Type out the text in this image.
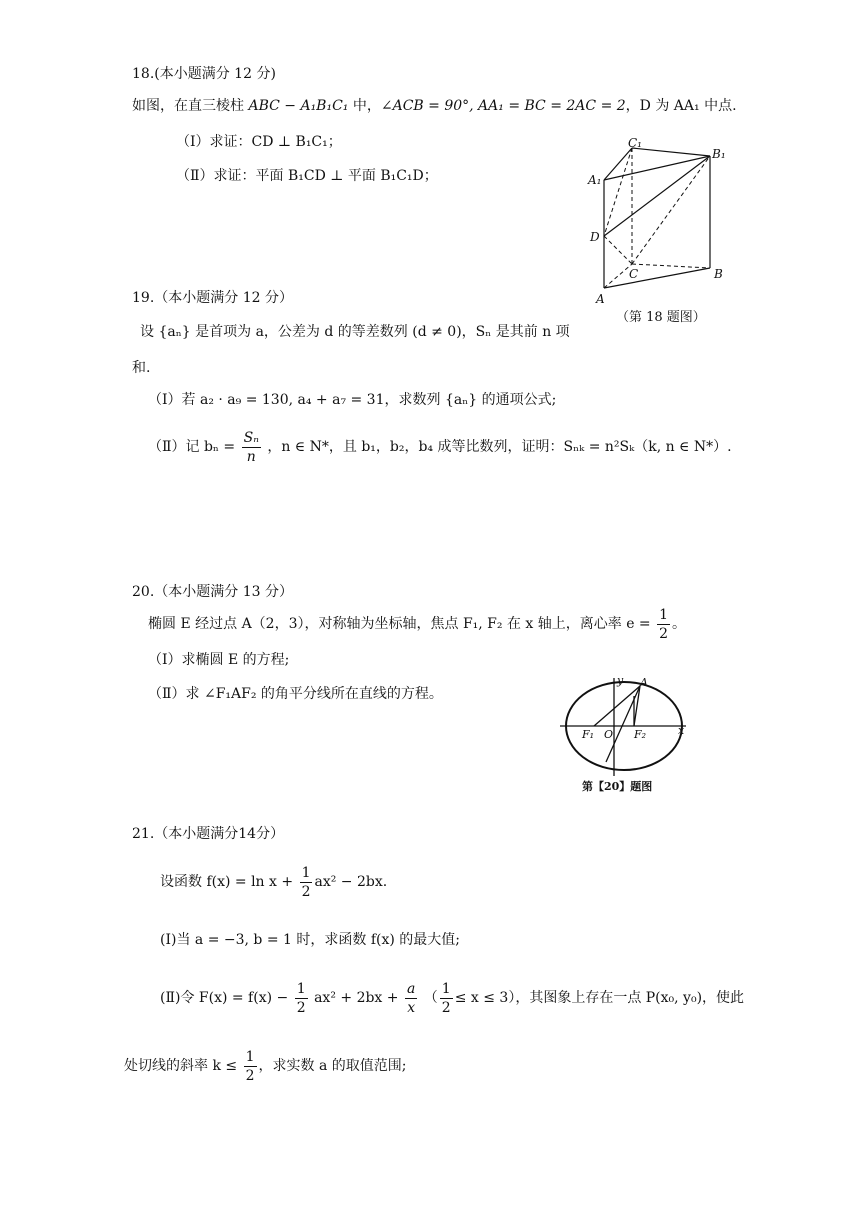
18.(本小题满分 12 分)
如图，在直三棱柱 ABC − A₁B₁C₁ 中，∠ACB = 90°, AA₁ = BC = 2AC = 2，D 为 AA₁ 中点.
（Ⅰ）求证：CD ⊥ B₁C₁；
（Ⅱ）求证：平面 B₁CD ⊥ 平面 B₁C₁D；
C₁
B₁
A₁
D
C	B
A
（第 18 题图）
19.（本小题满分 12 分）
设 {aₙ} 是首项为 a，公差为 d 的等差数列 (d ≠ 0)，Sₙ 是其前 n 项
和.
（Ⅰ）若 a₂ · a₉ = 130, a₄ + a₇ = 31，求数列 {aₙ} 的通项公式;
（Ⅱ）记 $b_n = \frac{\text{Sₙ}}{n}$ ，n ∈ N*，且 b₁，b₂，b₄ 成等比数列，证明：Sₙₖ = n²Sₖ（k, n ∈ N*）.
20.（本小题满分 13 分）
椭圆 E 经过点 A（2，3），对称轴为坐标轴，焦点 F₁, F₂ 在 x 轴上，离心率 $e = \frac{1}{2}$ 。
（Ⅰ）求椭圆 E 的方程;
（Ⅱ）求 ∠F₁AF₂ 的角平分线所在直线的方程。
y A
F₁ O F₂	x
第【20】题图
21.（本小题满分14分）
设函数 $f(x) = \ln x + \frac{1}{2} ax^2 - 2bx$.
(Ⅰ)当 a = −3, b = 1 时，求函数 f(x) 的最大值;
(Ⅱ)令 $F(x) = f(x) - \frac{1}{2} ax^2 + 2bx + \frac{a}{x}$ （ $\frac{1}{2} \le x \le 3$），其图象上存在一点 P(x₀, y₀)，使此
处切线的斜率 $k \le \frac{1}{2}$ ，求实数 a 的取值范围;
